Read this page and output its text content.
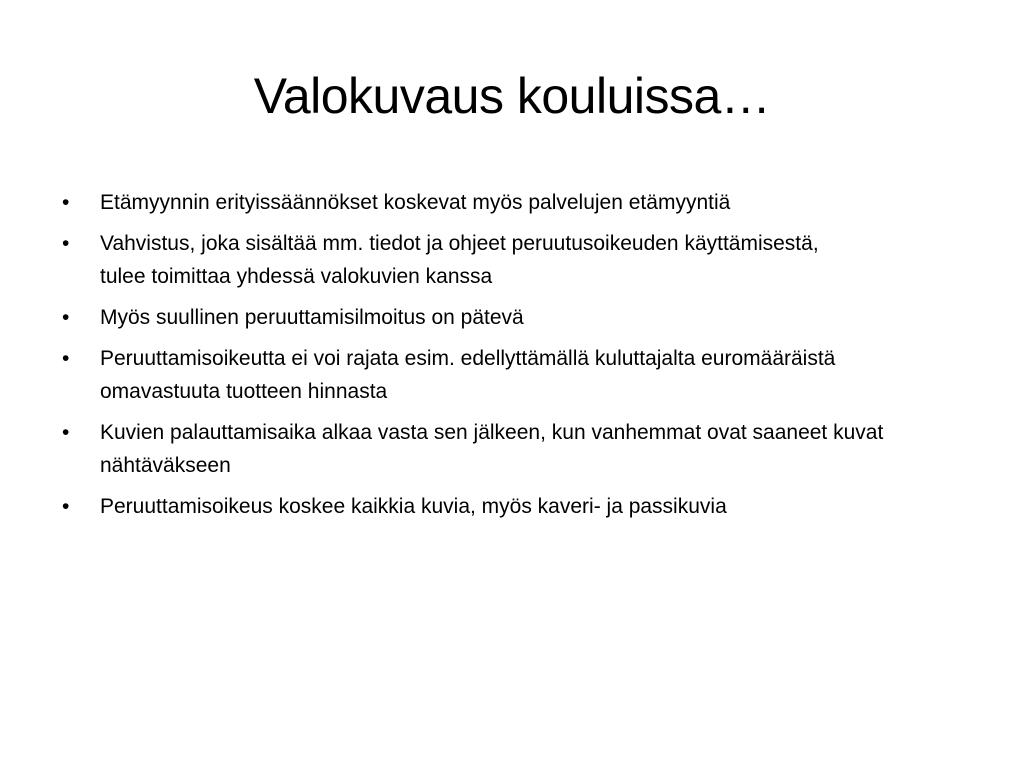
Valokuvaus kouluissa…
•	Etämyynnin erityissäännökset koskevat myös palvelujen etämyyntiä
•	Vahvistus, joka sisältää mm. tiedot ja ohjeet peruutusoikeuden käyttämisestä, tulee toimittaa yhdessä valokuvien kanssa
•	Myös suullinen peruuttamisilmoitus on pätevä
•	Peruuttamisoikeutta ei voi rajata esim. edellyttämällä kuluttajalta euromääräistä omavastuuta tuotteen hinnasta
•	Kuvien palauttamisaika alkaa vasta sen jälkeen, kun vanhemmat ovat saaneet kuvat nähtäväkseen
•	Peruuttamisoikeus koskee kaikkia kuvia, myös kaveri- ja passikuvia
